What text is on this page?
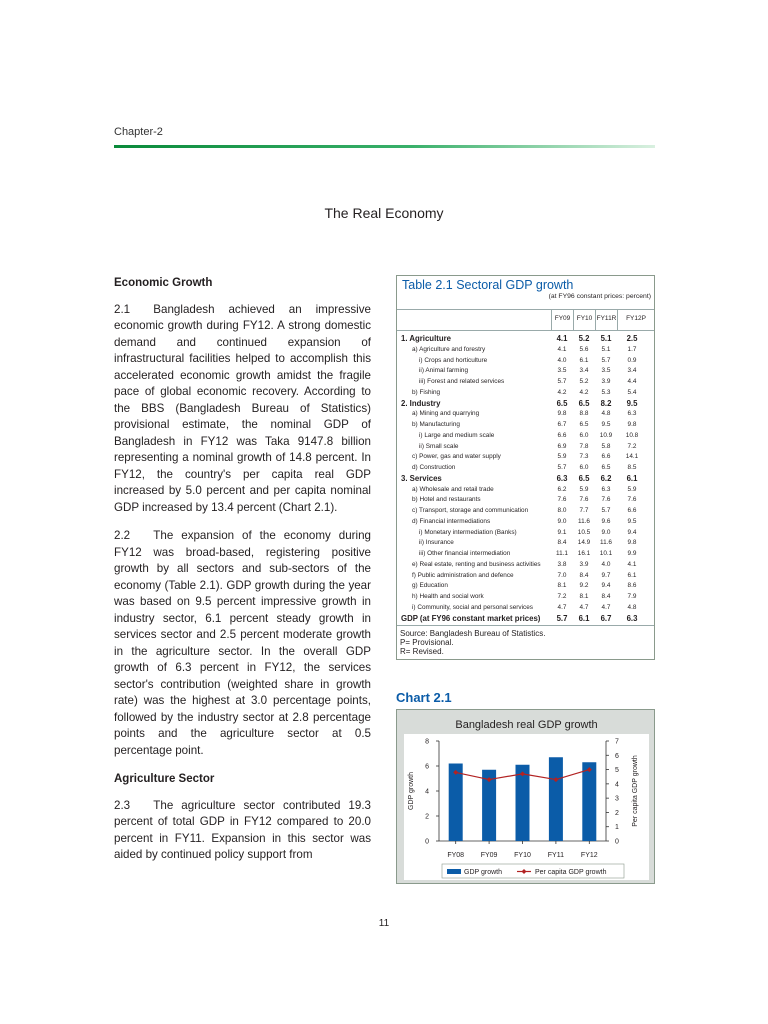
Chapter-2
The Real Economy
Economic Growth

2.1  Bangladesh achieved an impressive economic growth during FY12. A strong domestic demand and continued expansion of infrastructural facilities helped to accomplish this accelerated economic growth amidst the fragile pace of global economic recovery. According to the BBS (Bangladesh Bureau of Statistics) provisional estimate, the nominal GDP of Bangladesh in FY12 was Taka 9147.8 billion representing a nominal growth of 14.8 percent. In FY12, the country's per capita real GDP increased by 5.0 percent and per capita nominal GDP increased by 13.4 percent (Chart 2.1).

2.2  The expansion of the economy during FY12 was broad-based, registering positive growth by all sectors and sub-sectors of the economy (Table 2.1). GDP growth during the year was based on 9.5 percent impressive growth in industry sector, 6.1 percent steady growth in services sector and 2.5 percent moderate growth in the agriculture sector. In the overall GDP growth of 6.3 percent in FY12, the services sector's contribution (weighted share in growth rate) was the highest at 3.0 percentage points, followed by the industry sector at 2.8 percentage points and the agriculture sector at 0.5 percentage point.

Agriculture Sector

2.3  The agriculture sector contributed 19.3 percent of total GDP in FY12 compared to 20.0 percent in FY11. Expansion in this sector was aided by continued policy support from

Table 2.1 Sectoral GDP growth
(at FY96 constant prices: percent)
FY09 FY10 FY11R	FY12P
1. Agriculture	4.1	5.2	5.1	2.5
a) Agriculture and forestry	4.1	5.6	5.1	1.7
i) Crops and horticulture	4.0	6.1	5.7	0.9
ii) Animal farming	3.5	3.4	3.5	3.4
iii) Forest and related services	5.7	5.2	3.9	4.4
b) Fishing	4.2	4.2	5.3	5.4
2. Industry	6.5	6.5	8.2	9.5
a) Mining and quarrying	9.8	8.8	4.8	6.3
b) Manufacturing	6.7	6.5	9.5	9.8
i) Large and medium scale	6.6	6.0	10.9	10.8
ii) Small scale	6.9	7.8	5.8	7.2
c) Power, gas and water supply	5.9	7.3	6.6	14.1
d) Construction	5.7	6.0	6.5	8.5
3. Services	6.3	6.5	6.2	6.1
a) Wholesale and retail trade	6.2	5.9	6.3	5.9
b) Hotel and restaurants	7.6	7.6	7.6	7.6
c) Transport, storage and communication	8.0	7.7	5.7	6.6
d) Financial intermediations	9.0	11.6	9.6	9.5
i) Monetary intermediation (Banks)	9.1	10.5	9.0	9.4
ii) Insurance	8.4	14.9	11.6	9.8
iii) Other financial intermediation	11.1	16.1	10.1	9.9
e) Real estate, renting and business activities	3.8	3.9	4.0	4.1
f) Public administration and defence	7.0	8.4	9.7	6.1
g) Education	8.1	9.2	9.4	8.6
h) Health and social work	7.2	8.1	8.4	7.9
i) Community, social and personal services	4.7	4.7	4.7	4.8
GDP (at FY96 constant market prices)	5.7	6.1	6.7	6.3
Source: Bangladesh Bureau of Statistics.
P= Provisional.
R= Revised.
Chart 2.1
Bangladesh real GDP growth
0
2
4
6
8
0
1
2
3
4
5
6
7
GDP growth	Per capita GDP growth
FY08 FY09 FY10 FY11 FY12
GDP growth	Per capita GDP growth
11
